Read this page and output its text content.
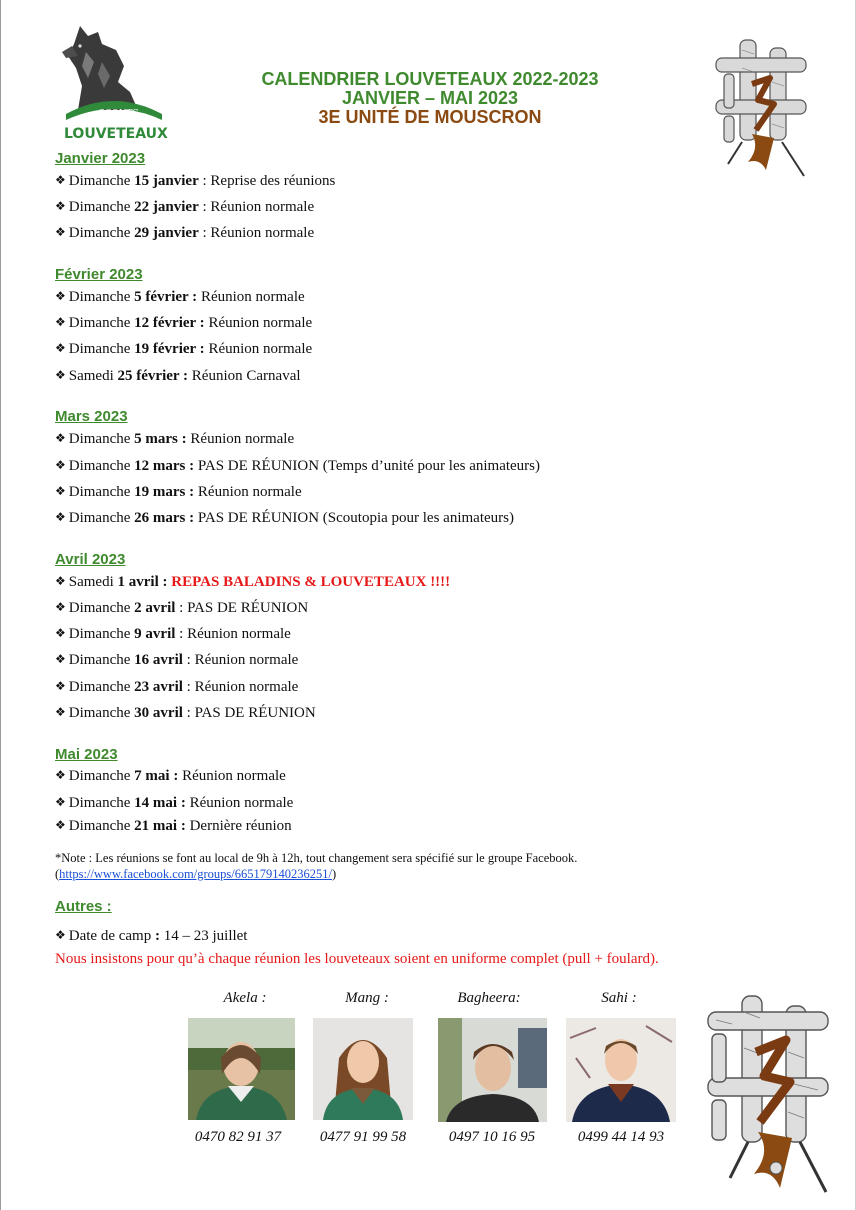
les
SCOUTS
LOUVETEAUX
CALENDRIER LOUVETEAUX 2022-2023
JANVIER – MAI 2023
3E UNITÉ DE MOUSCRON
Janvier 2023
❖ Dimanche 15 janvier : Reprise des réunions
❖ Dimanche 22 janvier : Réunion normale
❖ Dimanche 29 janvier : Réunion normale
Février 2023
❖ Dimanche 5 février : Réunion normale
❖ Dimanche 12 février : Réunion normale
❖ Dimanche 19 février : Réunion normale
❖ Samedi 25 février : Réunion Carnaval
Mars 2023
❖ Dimanche 5 mars : Réunion normale
❖ Dimanche 12 mars : PAS DE RÉUNION (Temps d’unité pour les animateurs)
❖ Dimanche 19 mars : Réunion normale
❖ Dimanche 26 mars : PAS DE RÉUNION (Scoutopia pour les animateurs)
Avril 2023
❖ Samedi 1 avril : REPAS BALADINS & LOUVETEAUX !!!!
❖ Dimanche 2 avril : PAS DE RÉUNION
❖ Dimanche 9 avril : Réunion normale
❖ Dimanche 16 avril : Réunion normale
❖ Dimanche 23 avril : Réunion normale
❖ Dimanche 30 avril : PAS DE RÉUNION
Mai 2023
❖ Dimanche 7 mai : Réunion normale
❖ Dimanche 14 mai : Réunion normale
❖ Dimanche 21 mai : Dernière réunion
*Note : Les réunions se font au local de 9h à 12h, tout changement sera spécifié sur le groupe Facebook.
(https://www.facebook.com/groups/665179140236251/)
Autres :
❖ Date de camp : 14 – 23 juillet
Nous insistons pour qu’à chaque réunion les louveteaux soient en uniforme complet (pull + foulard).
Akela :	Mang :	Bagheera:	Sahi :
0470 82 91 37	0477 91 99 58	0497 10 16 95	0499 44 14 93
